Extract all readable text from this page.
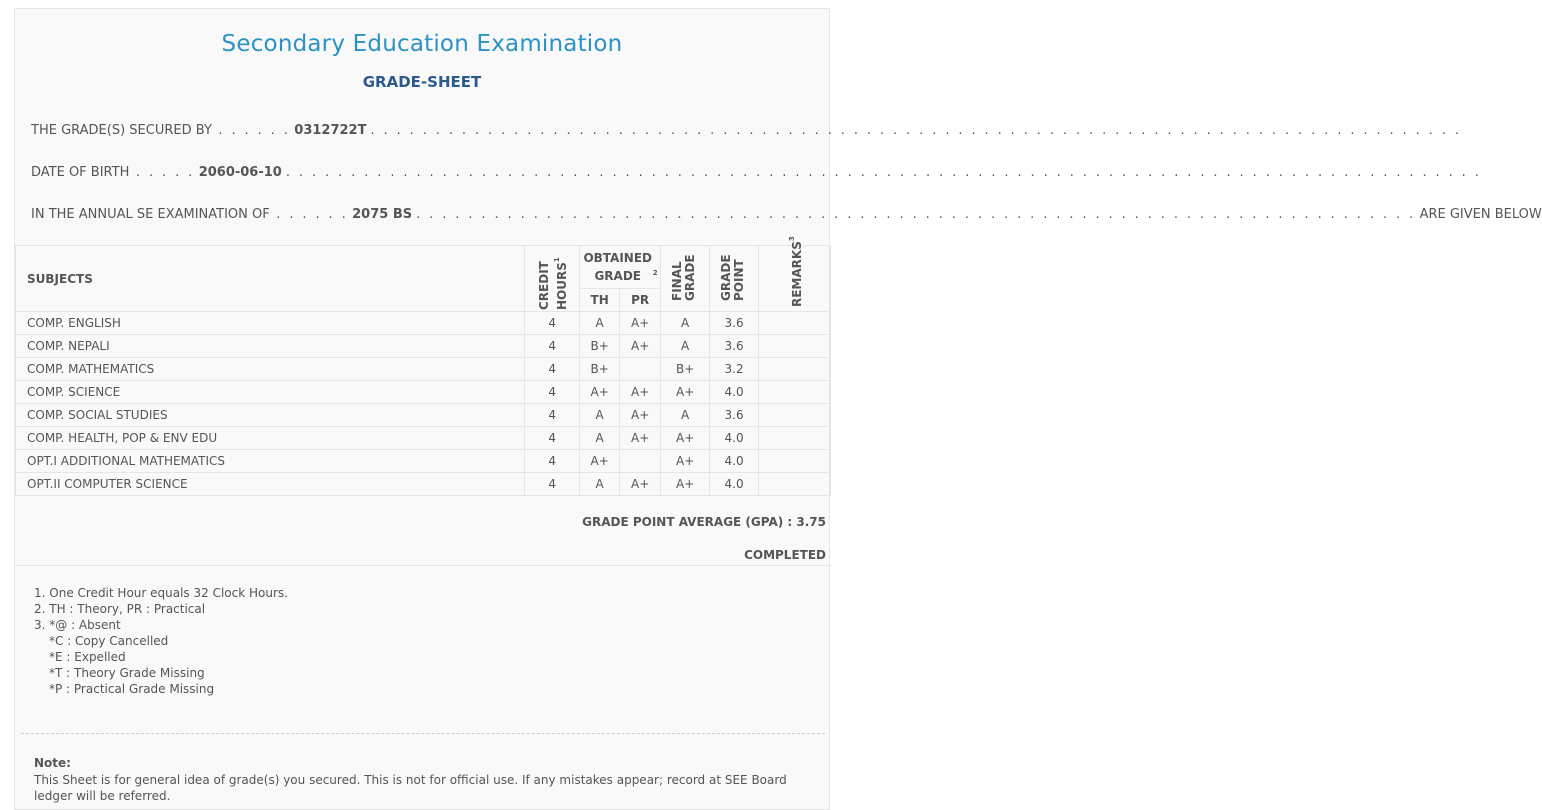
Secondary Education Examination
GRADE-SHEET
THE GRADE(S) SECURED BY . . . . . . 0312722T . . . . . . . . . . . . . . . . . . . . . . . . . . . . . . . . . . . . . . . . . . . . . . . . . . . . . . . . . . . . . . . . . . . . . . . . . . . . . . . . . . . .
DATE OF BIRTH . . . . . 2060-06-10 . . . . . . . . . . . . . . . . . . . . . . . . . . . . . . . . . . . . . . . . . . . . . . . . . . . . . . . . . . . . . . . . . . . . . . . . . . . . . . . . . . . . . . . . . . . .
IN THE ANNUAL SE EXAMINATION OF . . . . . . 2075 BS . . . . . . . . . . . . . . . . . . . . . . . . . . . . . . . . . . . . . . . . . . . . . . . . . . . . . . . . . . . . . . . . . . . . . . . . . . . . . ARE GIVEN BELOW
SUBJECTS	CREDIT HOURS$^1$	OBTAINED GRADE $^2$		FINAL GRADE	GRADE POINT	REMARKS$^3$
		TH	PR			
COMP. ENGLISH	4	A	A+	A	3.6	
COMP. NEPALI	4	B+	A+	A	3.6	
COMP. MATHEMATICS	4	B+		B+	3.2	
COMP. SCIENCE	4	A+	A+	A+	4.0	
COMP. SOCIAL STUDIES	4	A	A+	A	3.6	
COMP. HEALTH, POP & ENV EDU	4	A	A+	A+	4.0	
OPT.I ADDITIONAL MATHEMATICS	4	A+		A+	4.0	
OPT.II COMPUTER SCIENCE	4	A	A+	A+	4.0	
GRADE POINT AVERAGE (GPA) : 3.75
COMPLETED
1. One Credit Hour equals 32 Clock Hours.
2. TH : Theory, PR : Practical
3. *@ : Absent
*C : Copy Cancelled
*E : Expelled
*T : Theory Grade Missing
*P : Practical Grade Missing
Note:
This Sheet is for general idea of grade(s) you secured. This is not for official use. If any mistakes appear; record at SEE Board ledger will be referred.
